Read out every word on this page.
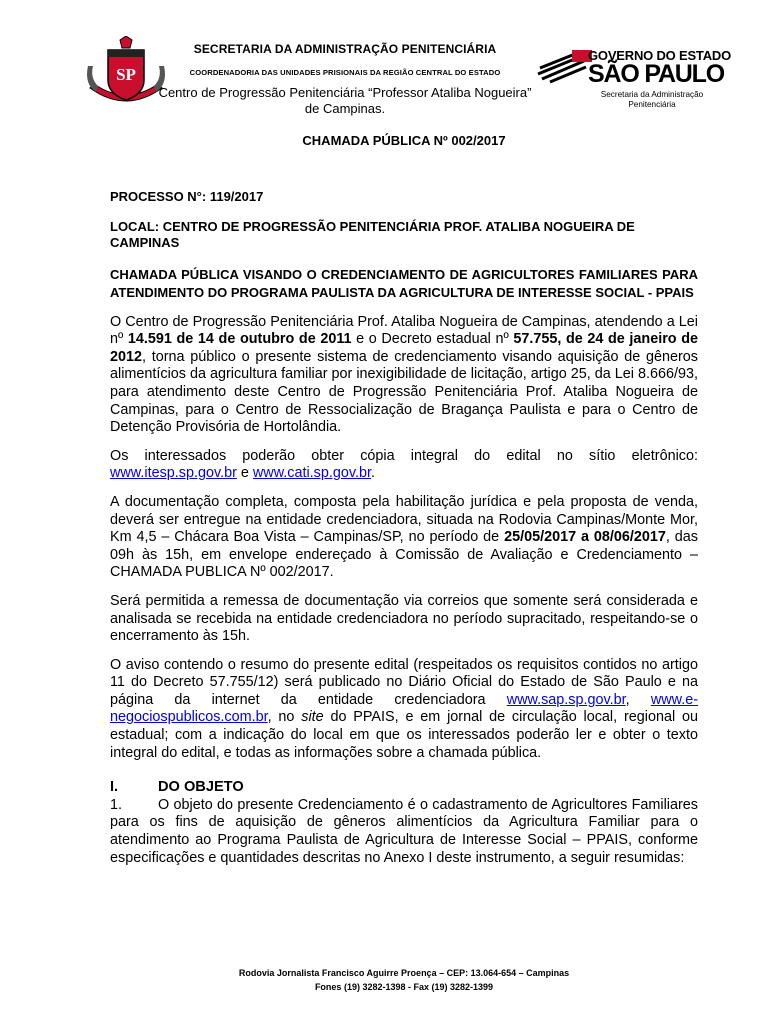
SP
SECRETARIA DA ADMINISTRAÇÃO PENITENCIÁRIA
COORDENADORIA DAS UNIDADES PRISIONAIS DA REGIÃO CENTRAL DO ESTADO
Centro de Progressão Penitenciária “Professor Ataliba Nogueira”
de Campinas.
GOVERNO DO ESTADO
SÃO PAULO
Secretaria da Administração Penitenciária
CHAMADA PÚBLICA Nº 002/2017

PROCESSO N°: 119/2017

LOCAL: CENTRO DE PROGRESSÃO PENITENCIÁRIA PROF. ATALIBA NOGUEIRA DE CAMPINAS

CHAMADA PÚBLICA VISANDO O CREDENCIAMENTO DE AGRICULTORES FAMILIARES PARA ATENDIMENTO DO PROGRAMA PAULISTA DA AGRICULTURA DE INTERESSE SOCIAL - PPAIS

O Centro de Progressão Penitenciária Prof. Ataliba Nogueira de Campinas, atendendo a Lei nº 14.591 de 14 de outubro de 2011 e o Decreto estadual nº 57.755, de 24 de janeiro de 2012, torna público o presente sistema de credenciamento visando aquisição de gêneros alimentícios da agricultura familiar por inexigibilidade de licitação, artigo 25, da Lei 8.666/93, para atendimento deste Centro de Progressão Penitenciária Prof. Ataliba Nogueira de Campinas, para o Centro de Ressocialização de Bragança Paulista e para o Centro de Detenção Provisória de Hortolândia.

Os interessados poderão obter cópia integral do edital no sítio eletrônico: www.itesp.sp.gov.br e www.cati.sp.gov.br.

A documentação completa, composta pela habilitação jurídica e pela proposta de venda, deverá ser entregue na entidade credenciadora, situada na Rodovia Campinas/Monte Mor, Km 4,5 – Chácara Boa Vista – Campinas/SP, no período de 25/05/2017 a 08/06/2017, das 09h às 15h, em envelope endereçado à Comissão de Avaliação e Credenciamento – CHAMADA PUBLICA Nº 002/2017.

Será permitida a remessa de documentação via correios que somente será considerada e analisada se recebida na entidade credenciadora no período supracitado, respeitando-se o encerramento às 15h.

O aviso contendo o resumo do presente edital (respeitados os requisitos contidos no artigo 11 do Decreto 57.755/12) será publicado no Diário Oficial do Estado de São Paulo e na página da internet da entidade credenciadora www.sap.sp.gov.br, www.e-negociospublicos.com.br, no site do PPAIS, e em jornal de circulação local, regional ou estadual; com a indicação do local em que os interessados poderão ler e obter o texto integral do edital, e todas as informações sobre a chamada pública.

I.	DO OBJETO

1. O objeto do presente Credenciamento é o cadastramento de Agricultores Familiares para os fins de aquisição de gêneros alimentícios da Agricultura Familiar para o atendimento ao Programa Paulista de Agricultura de Interesse Social – PPAIS, conforme especificações e quantidades descritas no Anexo I deste instrumento, a seguir resumidas:

Rodovia Jornalista Francisco Aguirre Proença – CEP: 13.064-654 – Campinas
Fones (19) 3282-1398 - Fax (19) 3282-1399
